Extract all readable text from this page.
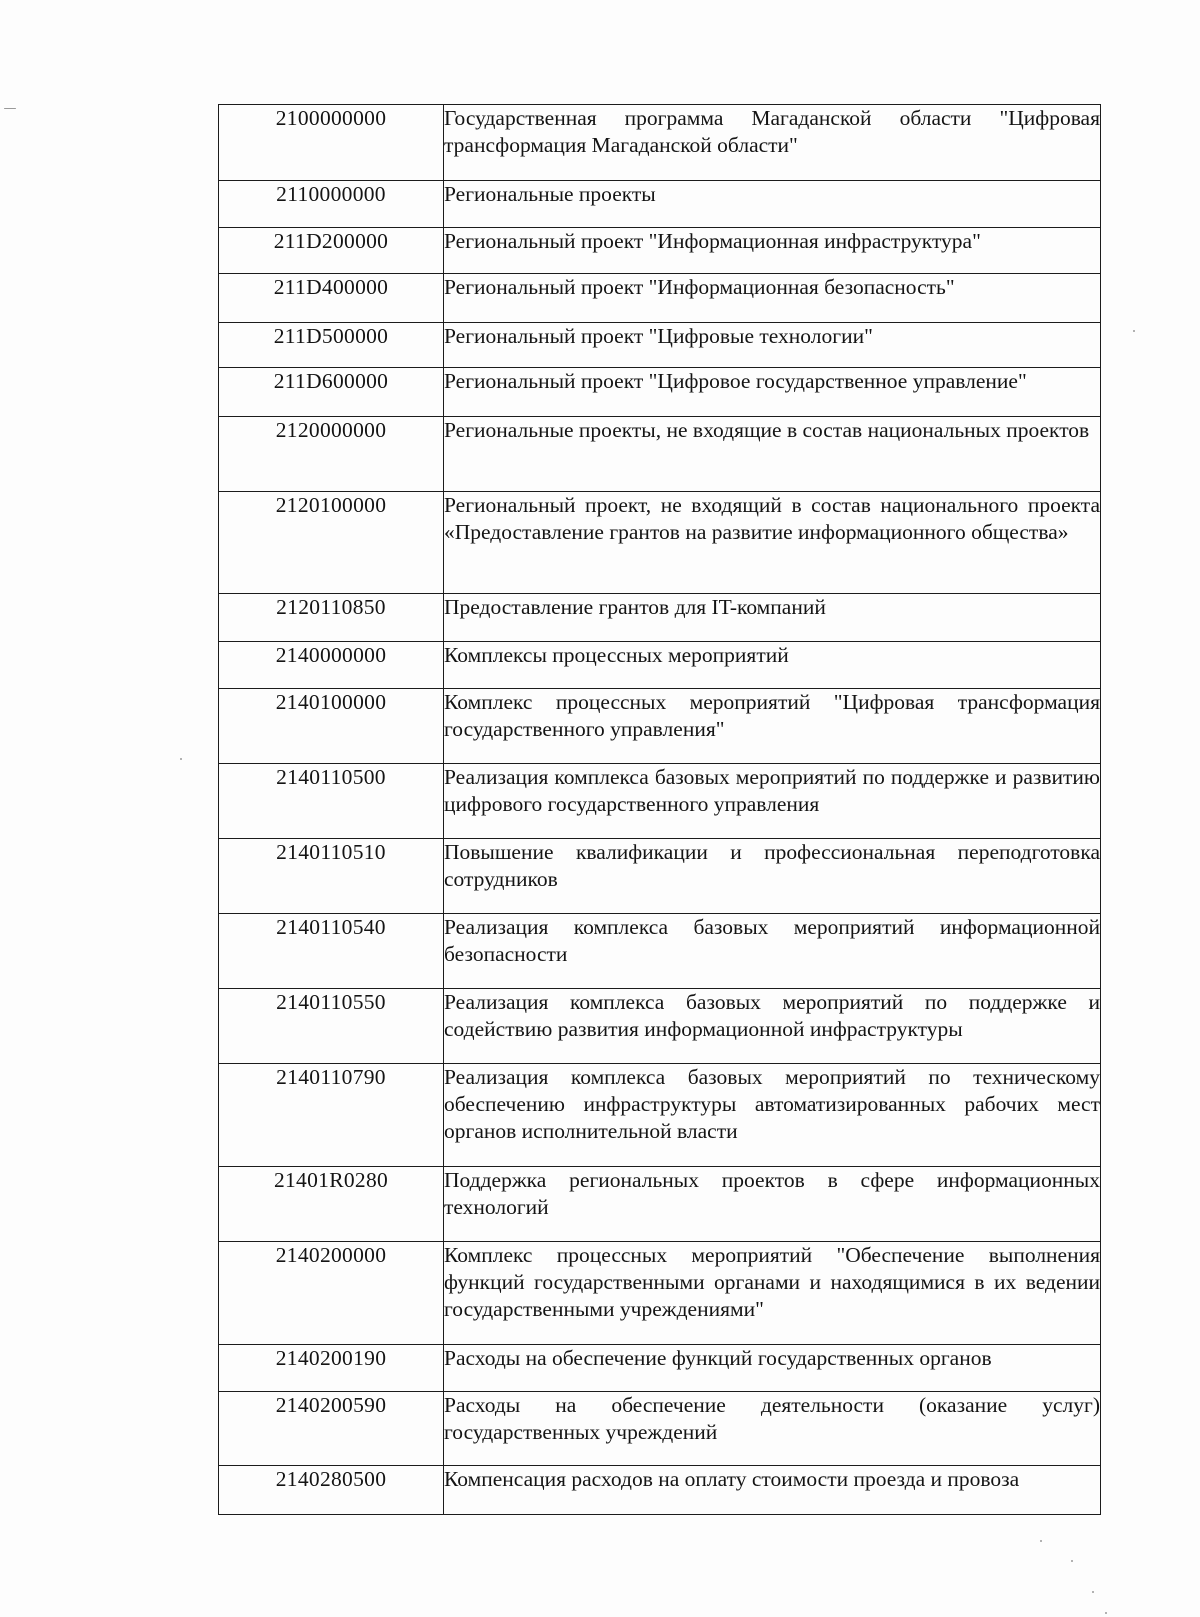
2100000000	Государственная программа Магаданской области "Цифровая трансформация Магаданской области"
2110000000	Региональные проекты
211D200000	Региональный проект "Информационная инфраструктура"
211D400000	Региональный проект "Информационная безопасность"
211D500000	Региональный проект "Цифровые технологии"
211D600000	Региональный проект "Цифровое государственное управление"
2120000000	Региональные проекты, не входящие в состав национальных проектов
2120100000	Региональный проект, не входящий в состав национального проекта «Предоставление грантов на развитие информационного общества»
2120110850	Предоставление грантов для IT-компаний
2140000000	Комплексы процессных мероприятий
2140100000	Комплекс процессных мероприятий "Цифровая трансформация государственного управления"
2140110500	Реализация комплекса базовых мероприятий по поддержке и развитию цифрового государственного управления
2140110510	Повышение квалификации и профессиональная переподготовка сотрудников
2140110540	Реализация комплекса базовых мероприятий информационной безопасности
2140110550	Реализация комплекса базовых мероприятий по поддержке и содействию развития информационной инфраструктуры
2140110790	Реализация комплекса базовых мероприятий по техническому обеспечению инфраструктуры автоматизированных рабочих мест органов исполнительной власти
21401R0280	Поддержка региональных проектов в сфере информационных технологий
2140200000	Комплекс процессных мероприятий "Обеспечение выполнения функций государственными органами и находящимися в их ведении государственными учреждениями"
2140200190	Расходы на обеспечение функций государственных органов
2140200590	Расходы на обеспечение деятельности (оказание услуг) государственных учреждений
2140280500	Компенсация расходов на оплату стоимости проезда и провоза
